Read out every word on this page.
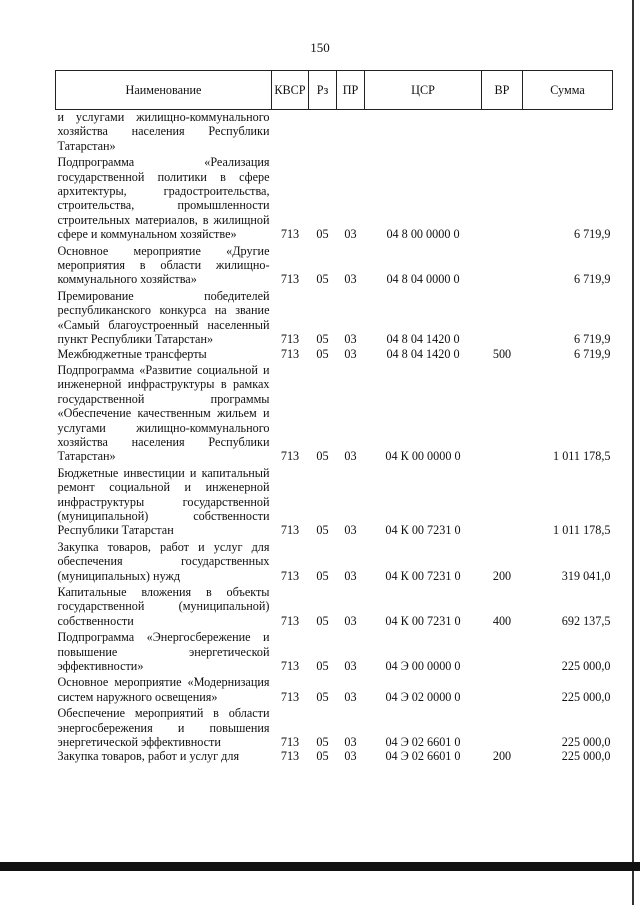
150
Наименование	КВСР	Рз	ПР	ЦСР	ВР	Сумма
и услугами жилищно-коммунального хозяйства населения Республики Татарстан»						
Подпрограмма «Реализация государственной политики в сфере архитектуры, градостроительства, строительства, промышленности строительных материалов, в жилищной сфере и коммунальном хозяйстве»	713	05	03	04 8 00 0000 0		6 719,9
Основное мероприятие «Другие мероприятия в области жилищно-коммунального хозяйства»	713	05	03	04 8 04 0000 0		6 719,9
Премирование победителей республиканского конкурса на звание «Самый благоустроенный населенный пункт Республики Татарстан»	713	05	03	04 8 04 1420 0		6 719,9
Межбюджетные трансферты	713	05	03	04 8 04 1420 0	500	6 719,9
Подпрограмма «Развитие социальной и инженерной инфраструктуры в рамках государственной программы «Обеспечение качественным жильем и услугами жилищно-коммунального хозяйства населения Республики Татарстан»	713	05	03	04 К 00 0000 0		1 011 178,5
Бюджетные инвестиции и капитальный ремонт социальной и инженерной инфраструктуры государственной (муниципальной) собственности Республики Татарстан	713	05	03	04 К 00 7231 0		1 011 178,5
Закупка товаров, работ и услуг для обеспечения государственных (муниципальных) нужд	713	05	03	04 К 00 7231 0	200	319 041,0
Капитальные вложения в объекты государственной (муниципальной) собственности	713	05	03	04 К 00 7231 0	400	692 137,5
Подпрограмма «Энергосбережение и повышение энергетической эффективности»	713	05	03	04 Э 00 0000 0		225 000,0
Основное мероприятие «Модернизация систем наружного освещения»	713	05	03	04 Э 02 0000 0		225 000,0
Обеспечение мероприятий в области энергосбережения и повышения энергетической эффективности	713	05	03	04 Э 02 6601 0		225 000,0
Закупка товаров, работ и услуг для	713	05	03	04 Э 02 6601 0	200	225 000,0
